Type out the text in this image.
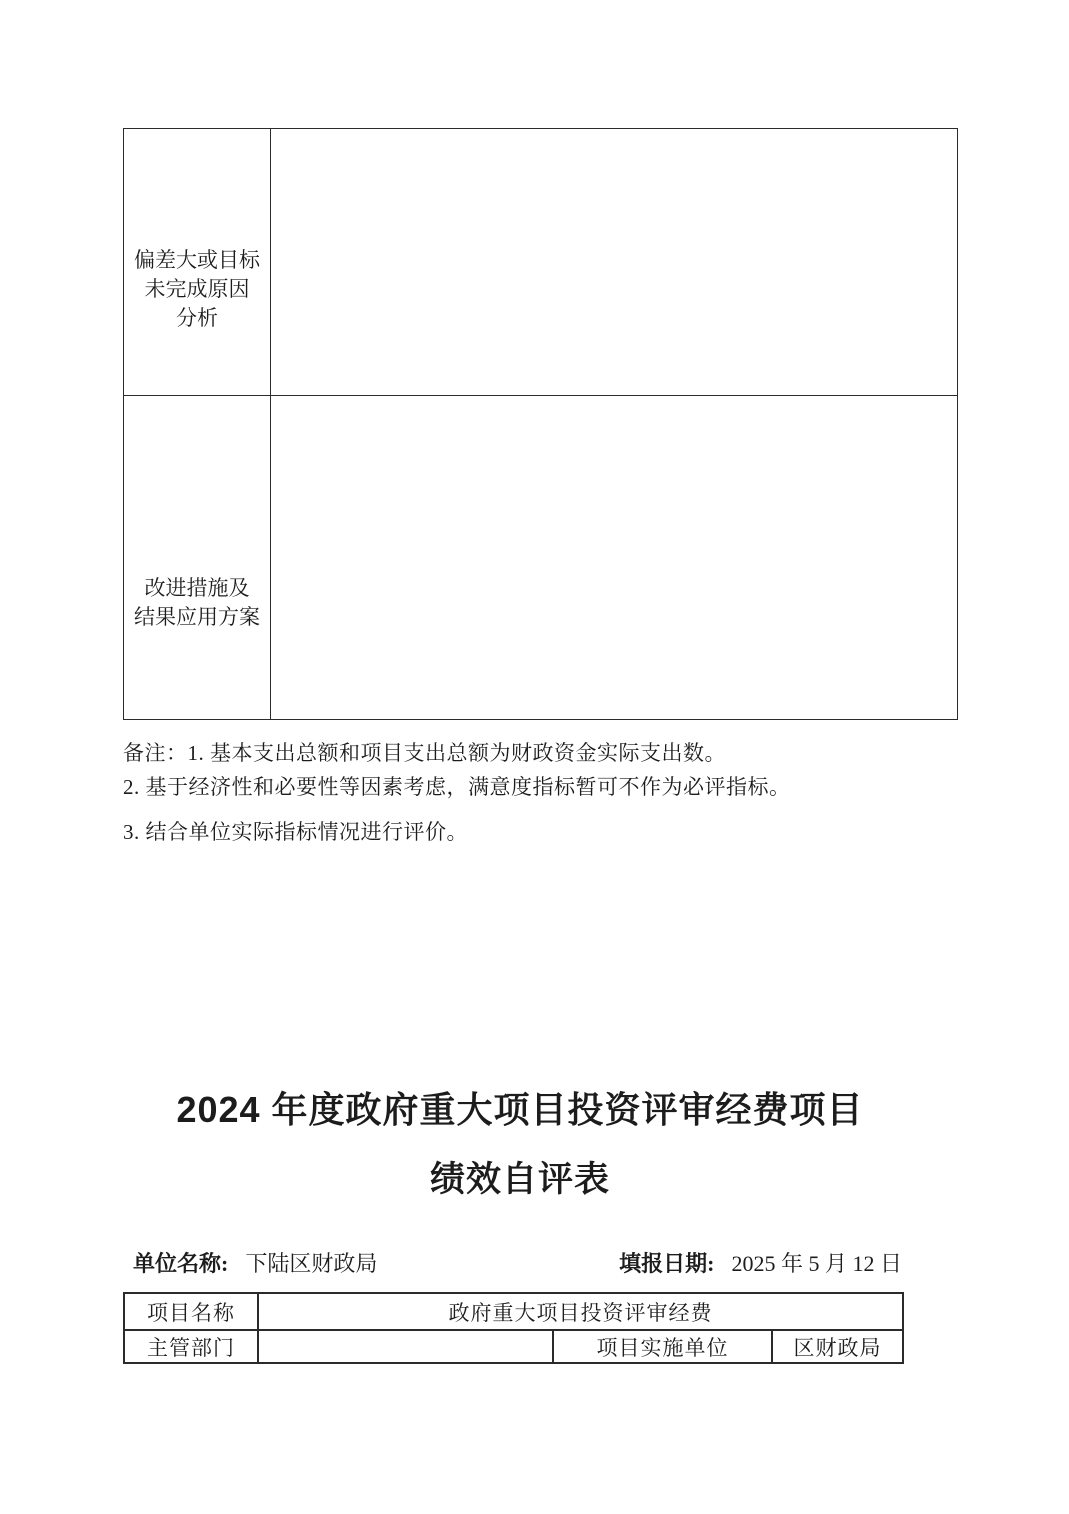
偏差大或目标
未完成原因
分析	

改进措施及
结果应用方案	

备注：1. 基本支出总额和项目支出总额为财政资金实际支出数。

2. 基于经济性和必要性等因素考虑，满意度指标暂可不作为必评指标。

3. 结合单位实际指标情况进行评价。

2024 年度政府重大项目投资评审经费项目
绩效自评表
单位名称: 下陆区财政局	填报日期: 2025 年 5 月 12 日
项目名称	政府重大项目投资评审经费		
主管部门		项目实施单位	区财政局
